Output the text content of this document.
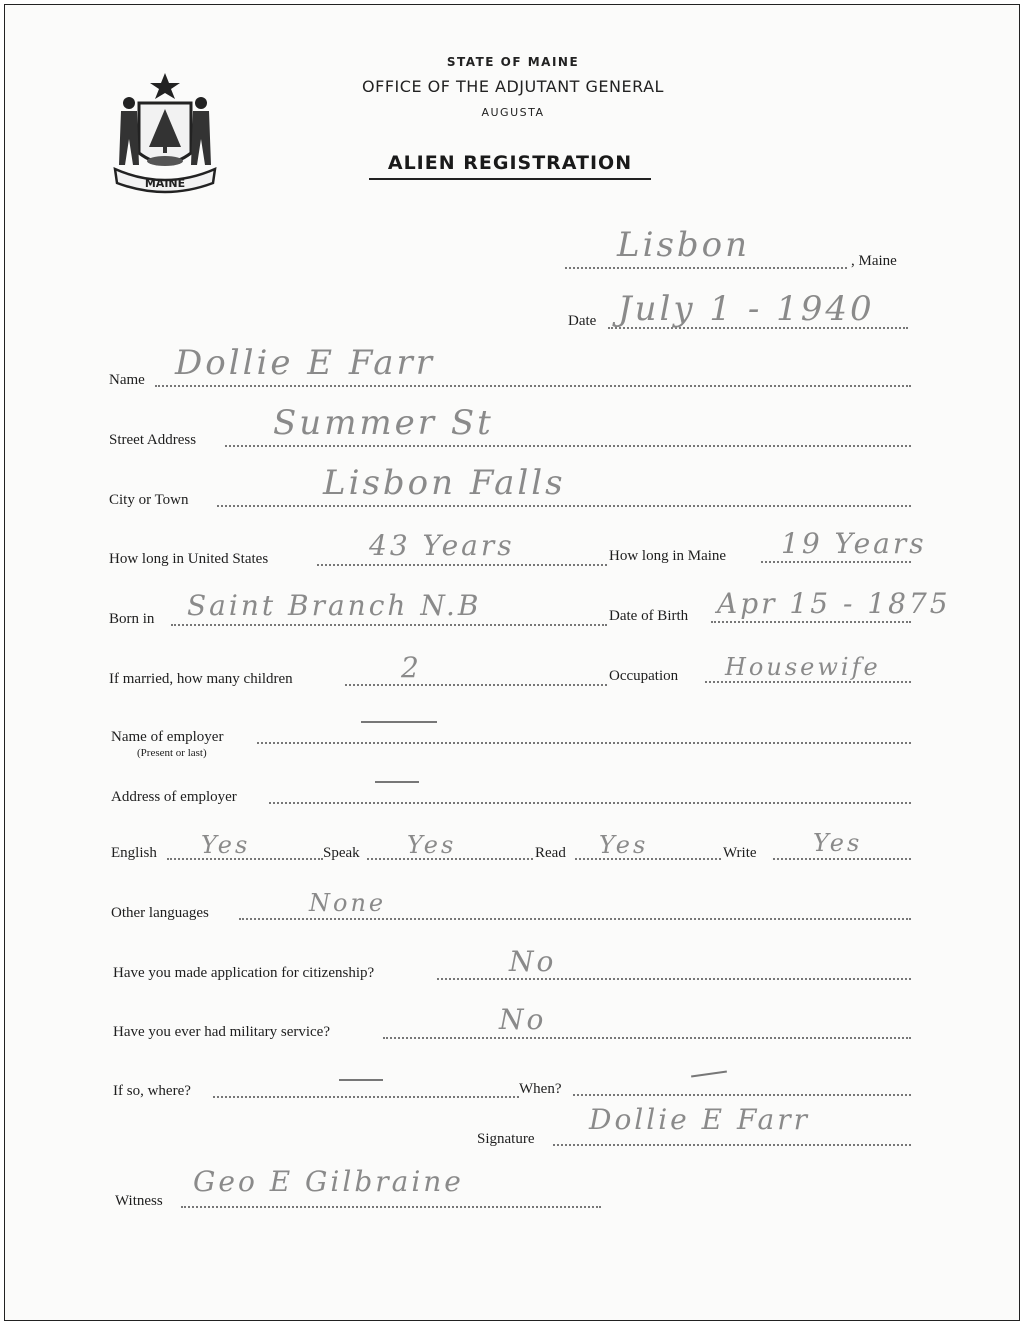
MAINE
STATE OF MAINE
OFFICE OF THE ADJUTANT GENERAL
AUGUSTA
ALIEN REGISTRATION
Lisbon	, Maine
Date July 1 - 1940
Name Dollie E Farr
Street Address Summer St
City or Town	Lisbon Falls
How long in United States	43 Years	How long in Maine 19 Years
Born in Saint Branch N.B	Date of Birth Apr 15 - 1875
If married, how many children	2	Occupation Housewife
Name of employer
(Present or last)
Address of employer
English Yes	Speak Yes	Read Yes	Write Yes
Other languages	None
Have you made application for citizenship?	No
Have you ever had military service?	No
If so, where?	When?
Signature
Dollie E Farr
Witness
Geo E Gilbraine
